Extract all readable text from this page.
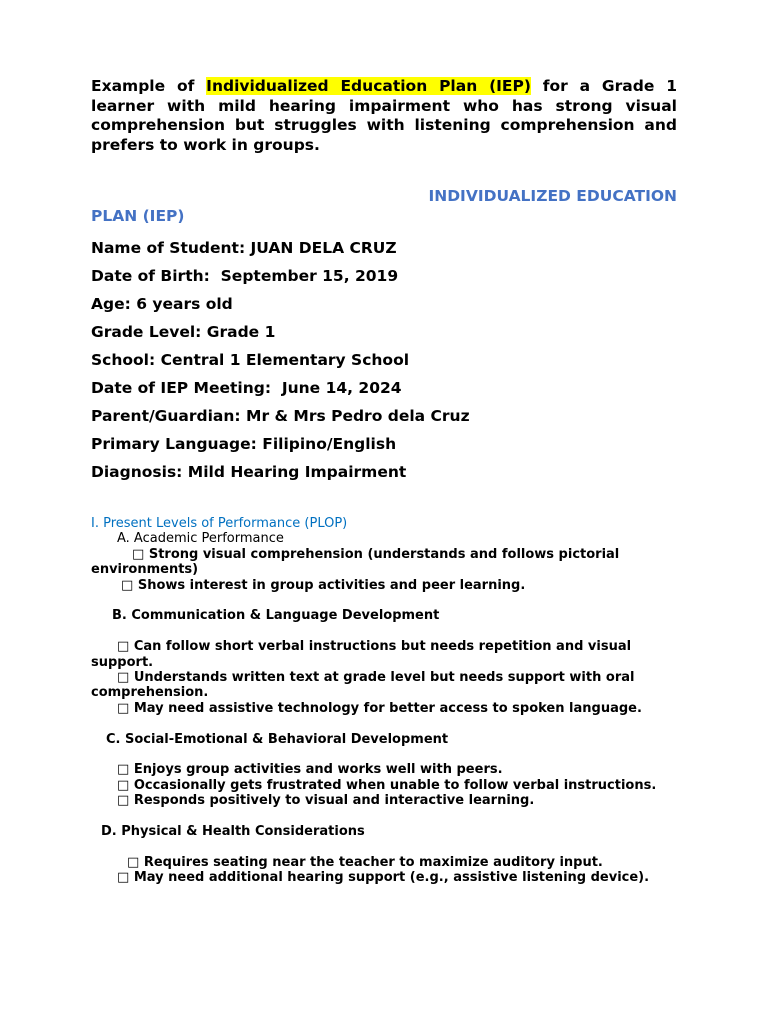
Example of Individualized Education Plan (IEP) for a Grade 1 learner with mild hearing impairment who has strong visual comprehension but struggles with listening comprehension and prefers to work in groups.
INDIVIDUALIZED EDUCATION
PLAN (IEP)
Name of Student: JUAN DELA CRUZ
Date of Birth:  September 15, 2019
Age: 6 years old
Grade Level: Grade 1
School: Central 1 Elementary School
Date of IEP Meeting:  June 14, 2024
Parent/Guardian: Mr & Mrs Pedro dela Cruz
Primary Language: Filipino/English
Diagnosis: Mild Hearing Impairment
I. Present Levels of Performance (PLOP)
A. Academic Performance
□ Strong visual comprehension (understands and follows pictorial environments)
□ Shows interest in group activities and peer learning.
B. Communication & Language Development
□ Can follow short verbal instructions but needs repetition and visual support.
□ Understands written text at grade level but needs support with oral comprehension.
□ May need assistive technology for better access to spoken language.
C. Social-Emotional & Behavioral Development
□ Enjoys group activities and works well with peers.
□ Occasionally gets frustrated when unable to follow verbal instructions.
□ Responds positively to visual and interactive learning.
D. Physical & Health Considerations
□ Requires seating near the teacher to maximize auditory input.
□ May need additional hearing support (e.g., assistive listening device).
